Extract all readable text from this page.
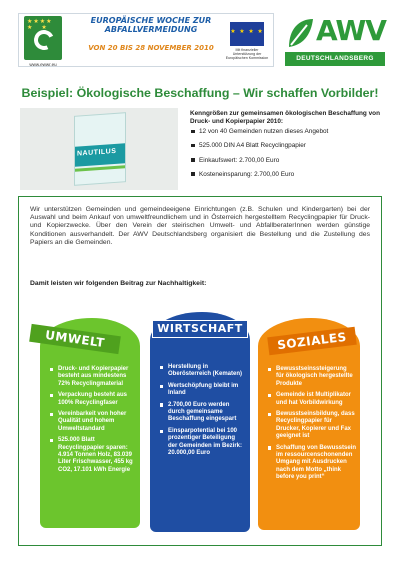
★★★★
★   ★
www.ewwr.eu
EUROPÄISCHE WOCHE ZUR ABFALLVERMEIDUNG
VON 20 BIS 28 NOVEMBER 2010
★ ★ ★ ★
Mit finanzieller Unterstützung der Europäischen Kommission
AWV
DEUTSCHLANDSBERG
Beispiel: Ökologische Beschaffung – Wir schaffen Vorbilder!
NAUTILUS
Kenngrößen zur gemeinsamen ökologischen Beschaffung von Druck- und Kopierpapier 2010:
12 von 40 Gemeinden nutzen dieses Angebot
525.000 DIN A4 Blatt Recyclingpapier
Einkaufswert: 2.700,00 Euro
Kosteneinsparung: 2.700,00 Euro
Wir unterstützen Gemeinden und gemeindeeigene Einrichtungen (z.B. Schulen und Kindergarten) bei der Auswahl und beim Ankauf von umweltfreundlichem und in Österreich hergestelltem Recyclingpapier für Druck- und Kopierzwecke. Über den Verein der steirischen Umwelt- und AbfallberaterInnen werden günstige Konditionen ausverhandelt. Der AWV Deutschlandsberg organisiert die Bestellung und die Zustellung des Papiers an die Gemeinden.
Damit leisten wir folgenden Beitrag zur Nachhaltigkeit:
Druck- und Kopierpapier besteht aus mindestens 72% Recyclingmaterial
Verpackung besteht aus 100% Recyclingfaser
Vereinbarkeit von hoher Qualität und hohem Umweltstandard
525.000 Blatt Recyclingpapier sparen: 4.914 Tonnen Holz, 83.039 Liter Frischwasser, 455 kg CO2, 17.101 kWh Energie
Herstellung in Oberösterreich (Kematen)
Wertschöpfung bleibt im Inland
2.700,00 Euro werden durch gemeinsame Beschaffung eingespart
Einsparpotential bei 100 prozentiger Beteiligung der Gemeinden im Bezirk: 20.000,00 Euro
Bewusstseinssteigerung für ökologisch hergestellte Produkte
Gemeinde ist Multiplikator und hat Vorbildwirkung
Bewusstseinsbildung, dass Recyclingpapier für Drucker, Kopierer und Fax geeignet ist
Schaffung von Bewusstsein im ressourcenschonenden Umgang mit Ausdrucken nach dem Motto „think before you print“
UMWELT	WIRTSCHAFT
SOZIALES
